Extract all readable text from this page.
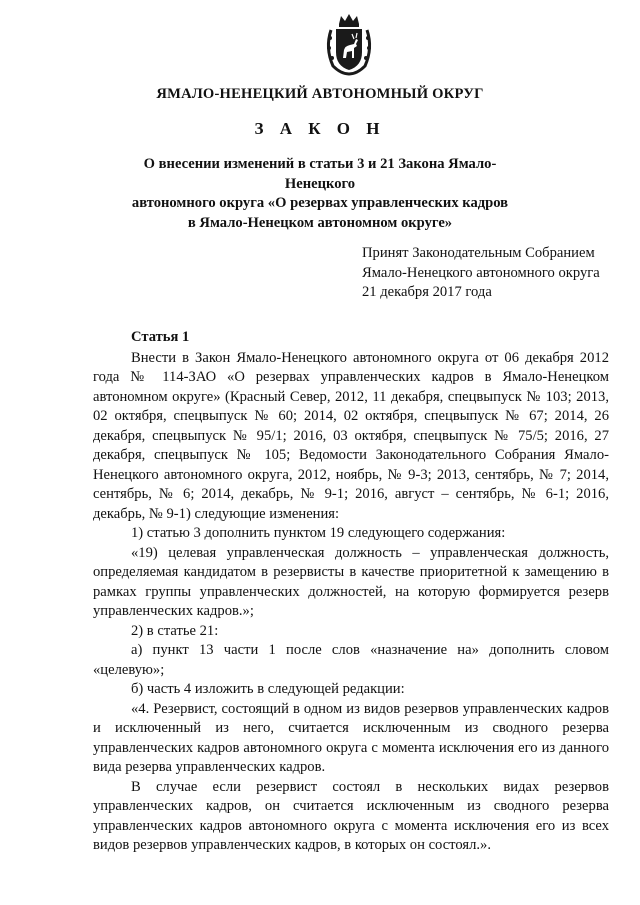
ЯМАЛО-НЕНЕЦКИЙ АВТОНОМНЫЙ ОКРУГ
З А К О Н
О внесении изменений в статьи 3 и 21 Закона Ямало-Ненецкого
автономного округа «О резервах управленческих кадров
в Ямало-Ненецком автономном округе»
Принят Законодательным Собранием
Ямало-Ненецкого автономного округа
21 декабря 2017 года
Статья 1
Внести в Закон Ямало-Ненецкого автономного округа от 06 декабря 2012 года № 114-ЗАО «О резервах управленческих кадров в Ямало-Ненецком автономном округе» (Красный Север, 2012, 11 декабря, спецвыпуск № 103; 2013, 02 октября, спецвыпуск № 60; 2014, 02 октября, спецвыпуск № 67; 2014, 26 декабря, спецвыпуск № 95/1; 2016, 03 октября, спецвыпуск № 75/5; 2016, 27 декабря, спецвыпуск № 105; Ведомости Законодательного Собрания Ямало-Ненецкого автономного округа, 2012, ноябрь, № 9-3; 2013, сентябрь, № 7; 2014, сентябрь, № 6; 2014, декабрь, № 9-1; 2016, август – сентябрь, № 6-1; 2016, декабрь, № 9-1) следующие изменения:
1) статью 3 дополнить пунктом 19 следующего содержания:
«19) целевая управленческая должность – управленческая должность, определяемая кандидатом в резервисты в качестве приоритетной к замещению в рамках группы управленческих должностей, на которую формируется резерв управленческих кадров.»;
2) в статье 21:
а) пункт 13 части 1 после слов «назначение на» дополнить словом «целевую»;
б) часть 4 изложить в следующей редакции:
«4. Резервист, состоящий в одном из видов резервов управленческих кадров и исключенный из него, считается исключенным из сводного резерва управленческих кадров автономного округа с момента исключения его из данного вида резерва управленческих кадров.
В случае если резервист состоял в нескольких видах резервов управленческих кадров, он считается исключенным из сводного резерва управленческих кадров автономного округа с момента исключения его из всех видов резервов управленческих кадров, в которых он состоял.».
